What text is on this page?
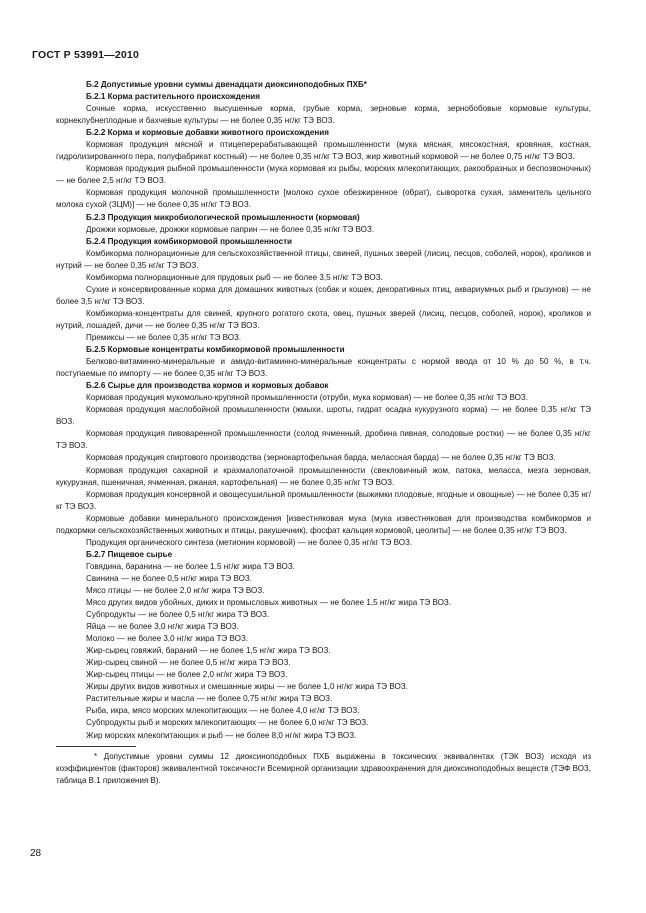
ГОСТ Р 53991—2010

Б.2 Допустимые уровни суммы двенадцати диоксиноподобных ПХБ*

Б.2.1 Корма растительного происхождения

Сочные корма, искусственно высушенные корма, грубые корма, зерновые корма, зернобобовые кормовые культуры, корнеклубнеплодные и бахчевые культуры — не более 0,35 нг/кг ТЭ ВОЗ.

Б.2.2 Корма и кормовые добавки животного происхождения

Кормовая продукция мясной и птицеперерабатывающей промышленности (мука мясная, мясокостная, кровяная, костная, гидролизированного пера, полуфабрикат костный) — не более 0,35 нг/кг ТЭ ВОЗ, жир животный кормовой — не более 0,75 нг/кг ТЭ ВОЗ.

Кормовая продукция рыбной промышленности (мука кормовая из рыбы, морских млекопитающих, ракообразных и беспозвоночных) — не более 2,5 нг/кг ТЭ ВОЗ.

Кормовая продукция молочной промышленности [молоко сухое обезжиренное (обрат), сыворотка сухая, заменитель цельного молока сухой (ЗЦМ)] — не более 0,35 нг/кг ТЭ ВОЗ.

Б.2.3 Продукция микробиологической промышленности (кормовая)

Дрожжи кормовые, дрожжи кормовые паприн — не более 0,35 нг/кг ТЭ ВОЗ.

Б.2.4 Продукция комбикормовой промышленности

Комбикорма полнорационные для сельскохозяйственной птицы, свиней, пушных зверей (лисиц, песцов, соболей, норок), кроликов и нутрий — не более 0,35 нг/кг ТЭ ВОЗ.

Комбикорма полнорационные для прудовых рыб — не более 3,5 нг/кг ТЭ ВОЗ.

Сухие и консервированные корма для домашних животных (собак и кошек, декоративных птиц, аквариумных рыб и грызунов) — не более 3,5 нг/кг ТЭ ВОЗ.

Комбикорма-концентраты для свиней, крупного рогатого скота, овец, пушных зверей (лисиц, песцов, соболей, норок), кроликов и нутрий, лошадей, дичи — не более 0,35 нг/кг ТЭ ВОЗ.

Премиксы — не более 0,35 нг/кг ТЭ ВОЗ.

Б.2.5 Кормовые концентраты комбикормовой промышленности

Белково-витаминно-минеральные и амидо-витаминно-минеральные концентраты с нормой ввода от 10 % до 50 %, в т.ч. поступаемые по импорту — не более 0,35 нг/кг ТЭ ВОЗ.

Б.2.6 Сырье для производства кормов и кормовых добавок

Кормовая продукция мукомольно-крупяной промышленности (отруби, мука кормовая) — не более 0,35 нг/кг ТЭ ВОЗ.

Кормовая продукция маслобойной промышленности (жмыхи, шроты, гидрат осадка кукурузного корма) — не более 0,35 нг/кг ТЭ ВОЗ.

Кормовая продукция пивоваренной промышленности (солод ячменный, дробина пивная, солодовые ростки) — не более 0,35 нг/кг ТЭ ВОЗ.

Кормовая продукция спиртового производства (зернокартофельная барда, мелассная барда) — не более 0,35 нг/кг ТЭ ВОЗ.

Кормовая продукция сахарной и крахмалопаточной промышленности (свекловичный жом, патока, меласса, мезга зерновая, кукурузная, пшеничная, ячменная, ржаная, картофельная) — не более 0,35 нг/кг ТЭ ВОЗ.

Кормовая продукция консервной и овощесушильной промышленности (выжимки плодовые, ягодные и овощные) — не более 0,35 нг/кг ТЭ ВОЗ.

Кормовые добавки минерального происхождения [известняковая мука (мука известняковая для производства комбикормов и подкормки сельскохозяйственных животных и птицы, ракушечник), фосфат кальция кормовой, цеолиты] — не более 0,35 нг/кг ТЭ ВОЗ.

Продукция органического синтеза (метионин кормовой) — не более 0,35 нг/кг ТЭ ВОЗ.

Б.2.7 Пищевое сырье

Говядина, баранина — не более 1,5 нг/кг жира ТЭ ВОЗ.

Свинина — не более 0,5 нг/кг жира ТЭ ВОЗ.

Мясо птицы — не более 2,0 нг/кг жира ТЭ ВОЗ.

Мясо других видов убойных, диких и промысловых животных — не более 1,5 нг/кг жира ТЭ ВОЗ.

Субпродукты — не более 0,5 нг/кг жира ТЭ ВОЗ.

Яйца — не более 3,0 нг/кг жира ТЭ ВОЗ.

Молоко — не более 3,0 нг/кг жира ТЭ ВОЗ.

Жир-сырец говяжий, бараний — не более 1,5 нг/кг жира ТЭ ВОЗ.

Жир-сырец свиной — не более 0,5 нг/кг жира ТЭ ВОЗ.

Жир-сырец птицы — не более 2,0 нг/кг жира ТЭ ВОЗ.

Жиры других видов животных и смешанные жиры — не более 1,0 нг/кг жира ТЭ ВОЗ.

Растительные жиры и масла — не более 0,75 нг/кг жира ТЭ ВОЗ.

Рыба, икра, мясо морских млекопитающих — не более 4,0 нг/кг ТЭ ВОЗ.

Субпродукты рыб и морских млекопитающих — не более 6,0 нг/кг ТЭ ВОЗ.

Жир морских млекопитающих и рыб — не более 8,0 нг/кг жира ТЭ ВОЗ.

* Допустимые уровни суммы 12 диоксиноподобных ПХБ выражены в токсических эквивалентах (ТЭК ВОЗ) исходя из коэффициентов (факторов) эквивалентной токсичности Всемирной организации здравоохранения для диоксиноподобных веществ (ТЭФ ВОЗ, таблица В.1 приложения В).

28
